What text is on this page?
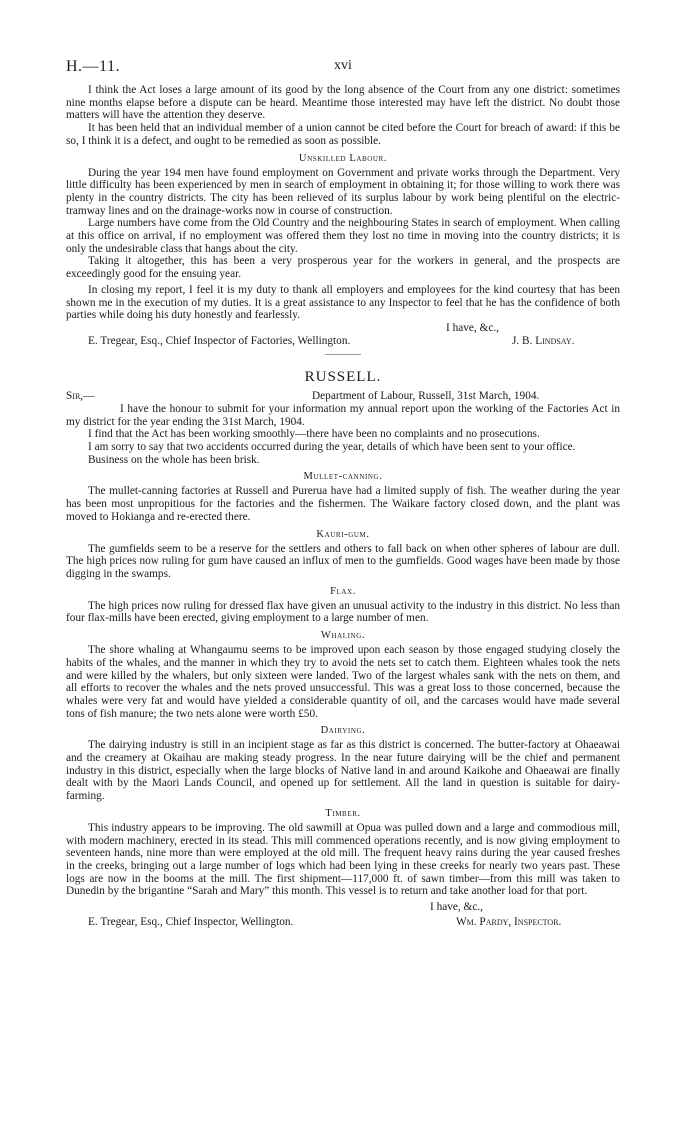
H.—11.	xvi

I think the Act loses a large amount of its good by the long absence of the Court from any one district: sometimes nine months elapse before a dispute can be heard. Meantime those interested may have left the district. No doubt those matters will have the attention they deserve.

It has been held that an individual member of a union cannot be cited before the Court for breach of award: if this be so, I think it is a defect, and ought to be remedied as soon as possible.

Unskilled Labour.

During the year 194 men have found employment on Government and private works through the Department. Very little difficulty has been experienced by men in search of employment in obtaining it; for those willing to work there was plenty in the country districts. The city has been relieved of its surplus labour by work being plentiful on the electric-tramway lines and on the drainage-works now in course of construction.

Large numbers have come from the Old Country and the neighbouring States in search of employment. When calling at this office on arrival, if no employment was offered them they lost no time in moving into the country districts; it is only the undesirable class that hangs about the city.

Taking it altogether, this has been a very prosperous year for the workers in general, and the prospects are exceedingly good for the ensuing year.

In closing my report, I feel it is my duty to thank all employers and employees for the kind courtesy that has been shown me in the execution of my duties. It is a great assistance to any Inspector to feel that he has the confidence of both parties while doing his duty honestly and fearlessly.

I have, &c.,
E. Tregear, Esq., Chief Inspector of Factories, Wellington.	J. B. Lindsay.
RUSSELL.
Sir,—	Department of Labour, Russell, 31st March, 1904.

I have the honour to submit for your information my annual report upon the working of the Factories Act in my district for the year ending the 31st March, 1904.

I find that the Act has been working smoothly—there have been no complaints and no prosecutions.

I am sorry to say that two accidents occurred during the year, details of which have been sent to your office.

Business on the whole has been brisk.

Mullet-canning.

The mullet-canning factories at Russell and Purerua have had a limited supply of fish. The weather during the year has been most unpropitious for the factories and the fishermen. The Waikare factory closed down, and the plant was moved to Hokianga and re-erected there.

Kauri-gum.

The gumfields seem to be a reserve for the settlers and others to fall back on when other spheres of labour are dull. The high prices now ruling for gum have caused an influx of men to the gumfields. Good wages have been made by those digging in the swamps.

Flax.

The high prices now ruling for dressed flax have given an unusual activity to the industry in this district. No less than four flax-mills have been erected, giving employment to a large number of men.

Whaling.

The shore whaling at Whangaumu seems to be improved upon each season by those engaged studying closely the habits of the whales, and the manner in which they try to avoid the nets set to catch them. Eighteen whales took the nets and were killed by the whalers, but only sixteen were landed. Two of the largest whales sank with the nets on them, and all efforts to recover the whales and the nets proved unsuccessful. This was a great loss to those concerned, because the whales were very fat and would have yielded a considerable quantity of oil, and the carcases would have made several tons of fish manure; the two nets alone were worth £50.

Dairying.

The dairying industry is still in an incipient stage as far as this district is concerned. The butter-factory at Ohaeawai and the creamery at Okaihau are making steady progress. In the near future dairying will be the chief and permanent industry in this district, especially when the large blocks of Native land in and around Kaikohe and Ohaeawai are finally dealt with by the Maori Lands Council, and opened up for settlement. All the land in question is suitable for dairy-farming.

Timber.

This industry appears to be improving. The old sawmill at Opua was pulled down and a large and commodious mill, with modern machinery, erected in its stead. This mill commenced operations recently, and is now giving employment to seventeen hands, nine more than were employed at the old mill. The frequent heavy rains during the year caused freshes in the creeks, bringing out a large number of logs which had been lying in these creeks for nearly two years past. These logs are now in the booms at the mill. The first shipment—117,000 ft. of sawn timber—from this mill was taken to Dunedin by the brigantine “Sarah and Mary” this month. This vessel is to return and take another load for that port.

I have, &c.,
E. Tregear, Esq., Chief Inspector, Wellington.	Wm. Pardy, Inspector.
